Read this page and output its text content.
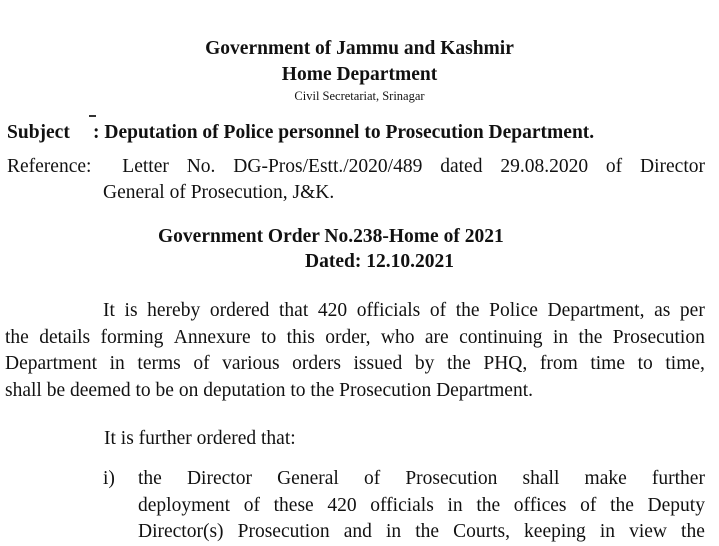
Government of Jammu and Kashmir
Home Department
Civil Secretariat, Srinagar
Subject : Deputation of Police personnel to Prosecution Department.
Reference: Letter No. DG-Pros/Estt./2020/489 dated 29.08.2020 of Director
General of Prosecution, J&K.
Government Order No.238-Home of 2021
Dated: 12.10.2021
It is hereby ordered that 420 officials of the Police Department, as per
the details forming Annexure to this order, who are continuing in the Prosecution
Department in terms of various orders issued by the PHQ, from time to time,
shall be deemed to be on deputation to the Prosecution Department.
It is further ordered that:
i) the Director General of Prosecution shall make further
deployment of these 420 officials in the offices of the Deputy
Director(s) Prosecution and in the Courts, keeping in view the
